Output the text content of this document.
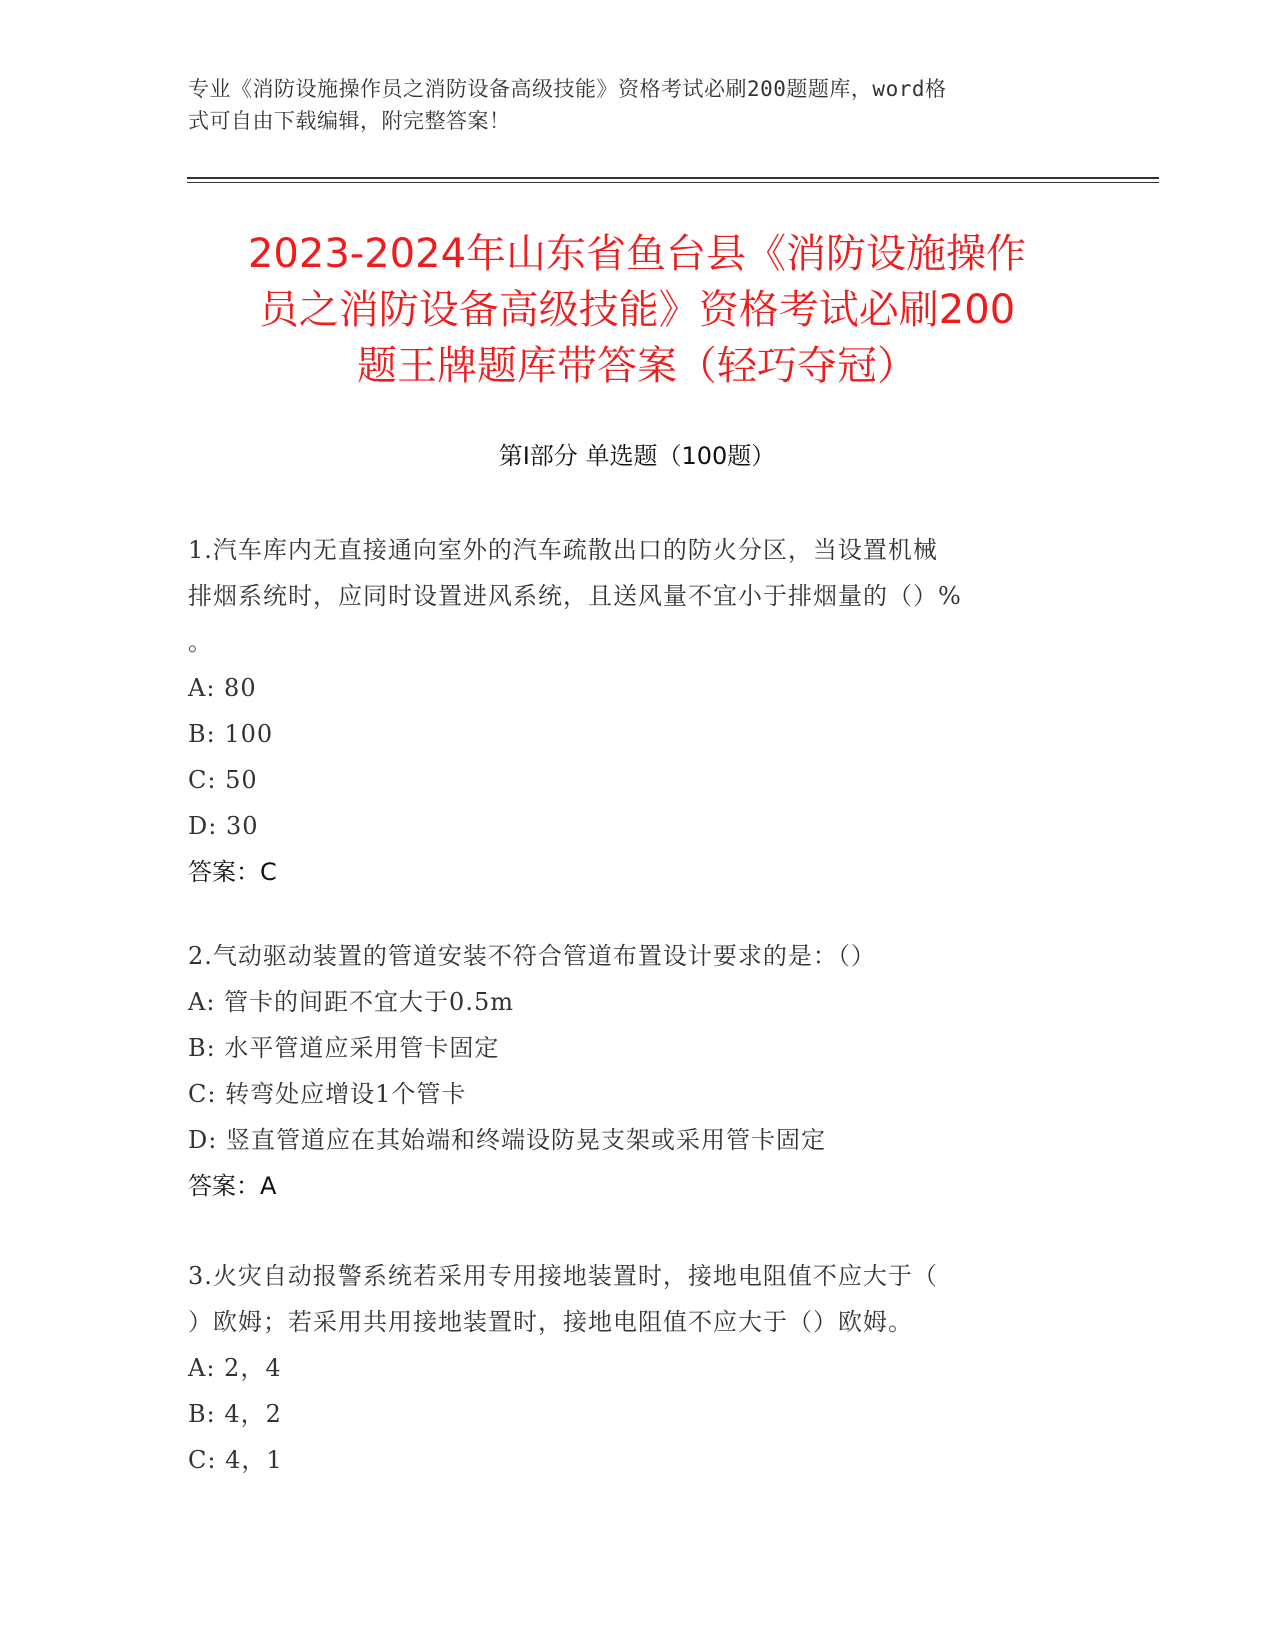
专业《消防设施操作员之消防设备高级技能》资格考试必刷200题题库，word格
式可自由下载编辑，附完整答案！
2023-2024年山东省鱼台县《消防设施操作
员之消防设备高级技能》资格考试必刷200
题王牌题库带答案（轻巧夺冠）
第Ⅰ部分 单选题（100题）
1.汽车库内无直接通向室外的汽车疏散出口的防火分区，当设置机械
排烟系统时，应同时设置进风系统，且送风量不宜小于排烟量的（）%
。
A: 80
B: 100
C: 50
D: 30
答案：C
2.气动驱动装置的管道安装不符合管道布置设计要求的是：（）
A: 管卡的间距不宜大于0.5m
B: 水平管道应采用管卡固定
C: 转弯处应增设1个管卡
D: 竖直管道应在其始端和终端设防晃支架或采用管卡固定
答案：A
3.火灾自动报警系统若采用专用接地装置时，接地电阻值不应大于（
）欧姆；若采用共用接地装置时，接地电阻值不应大于（）欧姆。
A: 2，4
B: 4，2
C: 4，1
